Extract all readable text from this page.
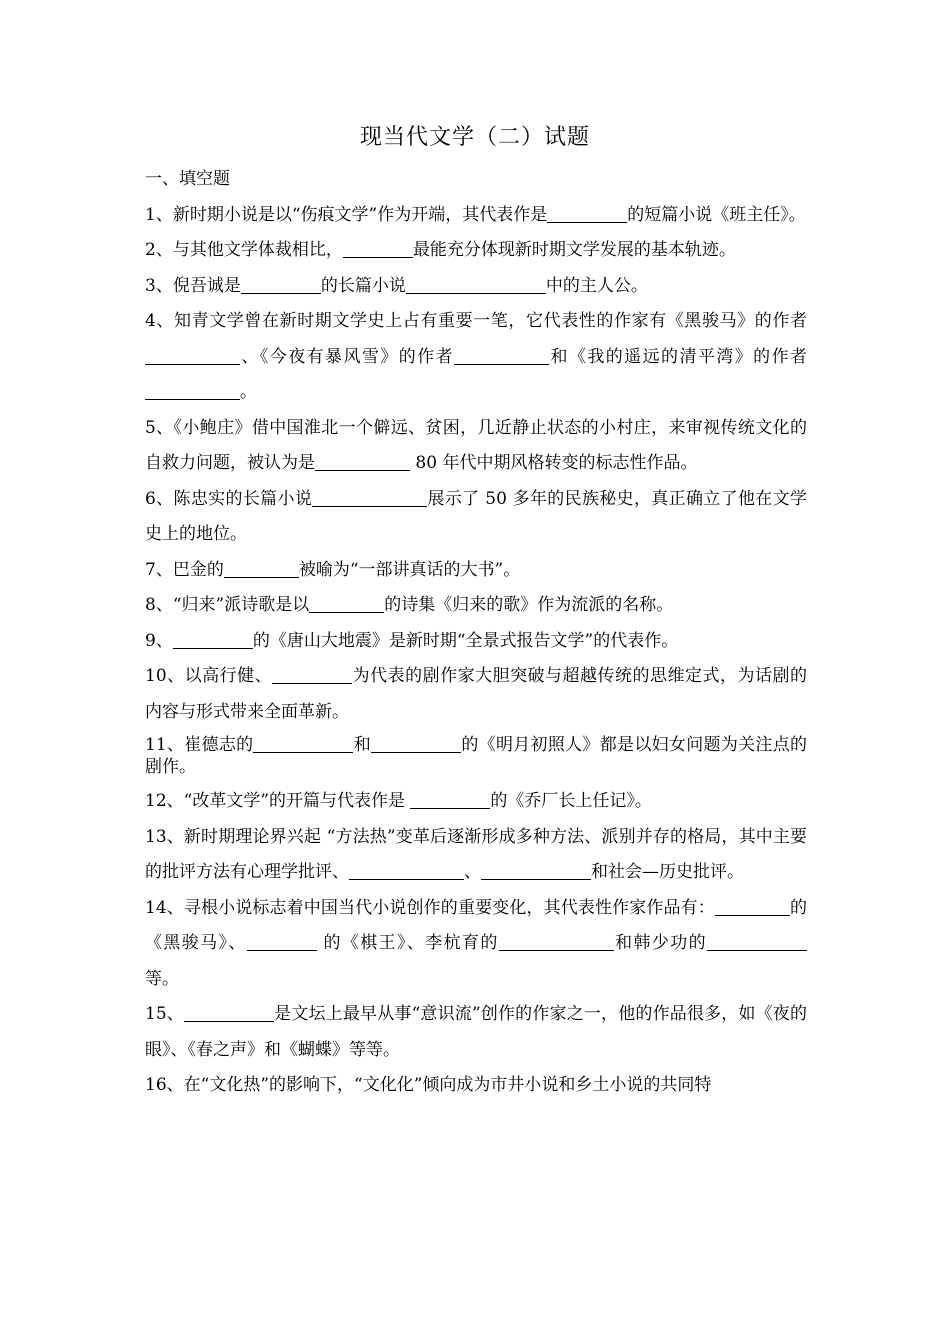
现当代文学（二）试题

一、填空题

1、新时期小说是以“伤痕文学”作为开端，其代表作是	的短篇小说《班主任》。

2、与其他文学体裁相比，	最能充分体现新时期文学发展的基本轨迹。

3、倪吾诚是	的长篇小说	中的主人公。

4、知青文学曾在新时期文学史上占有重要一笔，它代表性的作家有《黑骏马》的作者、《今夜有暴风雪》的作者	和《我的遥远的清平湾》的作者。

5、《小鲍庄》借中国淮北一个僻远、贫困，几近静止状态的小村庄，来审视传统文化的自救力问题，被认为是	80 年代中期风格转变的标志性作品。

6、陈忠实的长篇小说	展示了 50 多年的民族秘史，真正确立了他在文学史上的地位。

7、巴金的	被喻为“一部讲真话的大书”。

8、“归来”派诗歌是以	的诗集《归来的歌》作为流派的名称。

9、	的《唐山大地震》是新时期“全景式报告文学”的代表作。

10、以高行健、	为代表的剧作家大胆突破与超越传统的思维定式，为话剧的内容与形式带来全面革新。

11、崔德志的	和	的《明月初照人》都是以妇女问题为关注点的剧作。

12、“改革文学”的开篇与代表作是	的《乔厂长上任记》。

13、新时期理论界兴起 “方法热”变革后逐渐形成多种方法、派别并存的格局，其中主要的批评方法有心理学批评、	、	和社会—历史批评。

14、寻根小说标志着中国当代小说创作的重要变化，其代表性作家作品有：	的《黑骏马》、	的《棋王》、李杭育的	和韩少功的等。

15、	是文坛上最早从事“意识流”创作的作家之一，他的作品很多，如《夜的眼》、《春之声》和《蝴蝶》等等。

16、在“文化热”的影响下，“文化化”倾向成为市井小说和乡土小说的共同特
